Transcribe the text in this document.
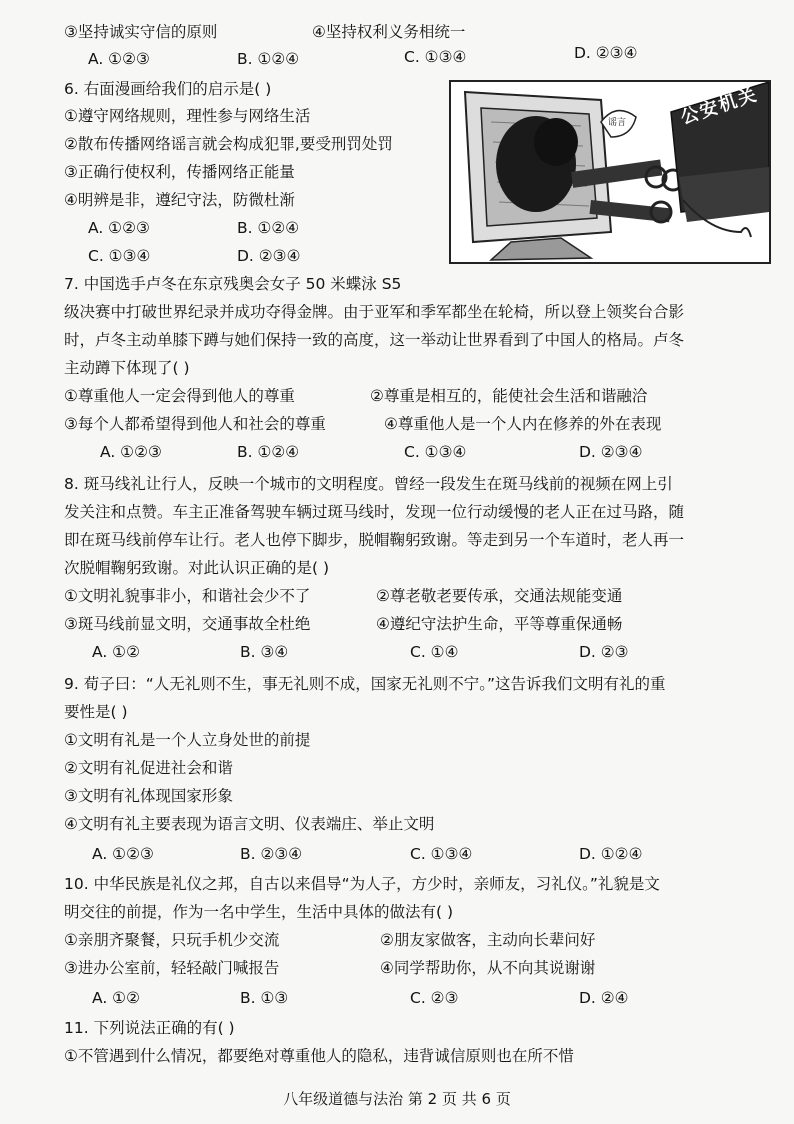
③坚持诚实守信的原则	④坚持权利义务相统一
A. ①②③	B. ①②④	C. ①③④	D. ②③④
6. 右面漫画给我们的启示是( )
①遵守网络规则，理性参与网络生活
②散布传播网络谣言就会构成犯罪,要受刑罚处罚
③正确行使权利，传播网络正能量
④明辨是非，遵纪守法，防微杜渐
A. ①②③	B. ①②④
C. ①③④	D. ②③④
公安机关
谣言
7. 中国选手卢冬在东京残奥会女子 50 米蝶泳 S5
级决赛中打破世界纪录并成功夺得金牌。由于亚军和季军都坐在轮椅，所以登上领奖台合影
时，卢冬主动单膝下蹲与她们保持一致的高度，这一举动让世界看到了中国人的格局。卢冬
主动蹲下体现了( )
①尊重他人一定会得到他人的尊重	②尊重是相互的，能使社会生活和谐融洽
③每个人都希望得到他人和社会的尊重	④尊重他人是一个人内在修养的外在表现
A. ①②③	B. ①②④	C. ①③④	D. ②③④
8. 斑马线礼让行人，反映一个城市的文明程度。曾经一段发生在斑马线前的视频在网上引
发关注和点赞。车主正准备驾驶车辆过斑马线时，发现一位行动缓慢的老人正在过马路，随
即在斑马线前停车让行。老人也停下脚步，脱帽鞠躬致谢。等走到另一个车道时，老人再一
次脱帽鞠躬致谢。对此认识正确的是( )
①文明礼貌事非小，和谐社会少不了	②尊老敬老要传承，交通法规能变通
③斑马线前显文明，交通事故全杜绝	④遵纪守法护生命，平等尊重保通畅
A. ①②	B. ③④	C. ①④	D. ②③
9. 荀子曰：“人无礼则不生，事无礼则不成，国家无礼则不宁。”这告诉我们文明有礼的重
要性是( )
①文明有礼是一个人立身处世的前提
②文明有礼促进社会和谐
③文明有礼体现国家形象
④文明有礼主要表现为语言文明、仪表端庄、举止文明
A. ①②③	B. ②③④	C. ①③④	D. ①②④
10. 中华民族是礼仪之邦，自古以来倡导“为人子，方少时，亲师友，习礼仪。”礼貌是文
明交往的前提，作为一名中学生，生活中具体的做法有( )
①亲朋齐聚餐，只玩手机少交流	②朋友家做客，主动向长辈问好
③进办公室前，轻轻敲门喊报告	④同学帮助你，从不向其说谢谢
A. ①②	B. ①③	C. ②③	D. ②④
11. 下列说法正确的有( )
①不管遇到什么情况，都要绝对尊重他人的隐私，违背诚信原则也在所不惜
八年级道德与法治 第 2 页 共 6 页
